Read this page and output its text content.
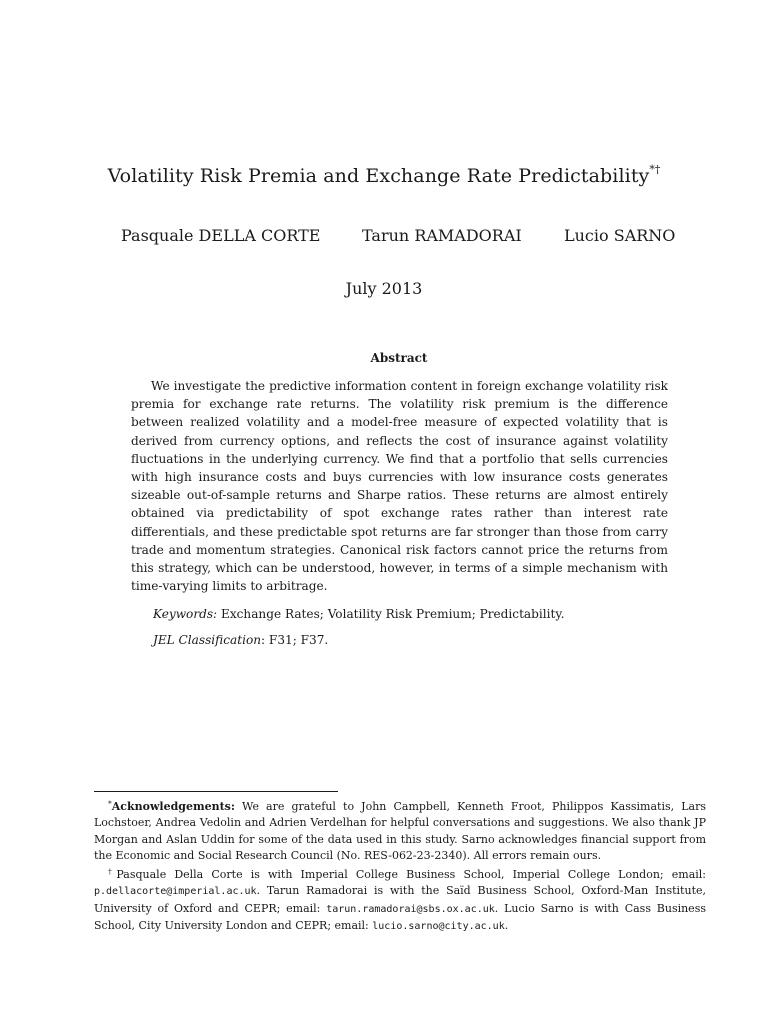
Volatility Risk Premia and Exchange Rate Predictability*†
Pasquale DELLA CORTE	Tarun RAMADORAI	Lucio SARNO
July 2013
Abstract
We investigate the predictive information content in foreign exchange volatility risk premia for exchange rate returns. The volatility risk premium is the difference between realized volatility and a model-free measure of expected volatility that is derived from currency options, and reflects the cost of insurance against volatility fluctuations in the underlying currency. We find that a portfolio that sells currencies with high insurance costs and buys currencies with low insurance costs generates sizeable out-of-sample returns and Sharpe ratios. These returns are almost entirely obtained via predictability of spot exchange rates rather than interest rate differentials, and these predictable spot returns are far stronger than those from carry trade and momentum strategies. Canonical risk factors cannot price the returns from this strategy, which can be understood, however, in terms of a simple mechanism with time-varying limits to arbitrage.
Keywords: Exchange Rates; Volatility Risk Premium; Predictability.
JEL Classification: F31; F37.

*Acknowledgements: We are grateful to John Campbell, Kenneth Froot, Philippos Kassimatis, Lars Lochstoer, Andrea Vedolin and Adrien Verdelhan for helpful conversations and suggestions. We also thank JP Morgan and Aslan Uddin for some of the data used in this study. Sarno acknowledges financial support from the Economic and Social Research Council (No. RES-062-23-2340). All errors remain ours.

†Pasquale Della Corte is with Imperial College Business School, Imperial College London; email: p.dellacorte@imperial.ac.uk. Tarun Ramadorai is with the Saïd Business School, Oxford-Man Institute, University of Oxford and CEPR; email: tarun.ramadorai@sbs.ox.ac.uk. Lucio Sarno is with Cass Business School, City University London and CEPR; email: lucio.sarno@city.ac.uk.
